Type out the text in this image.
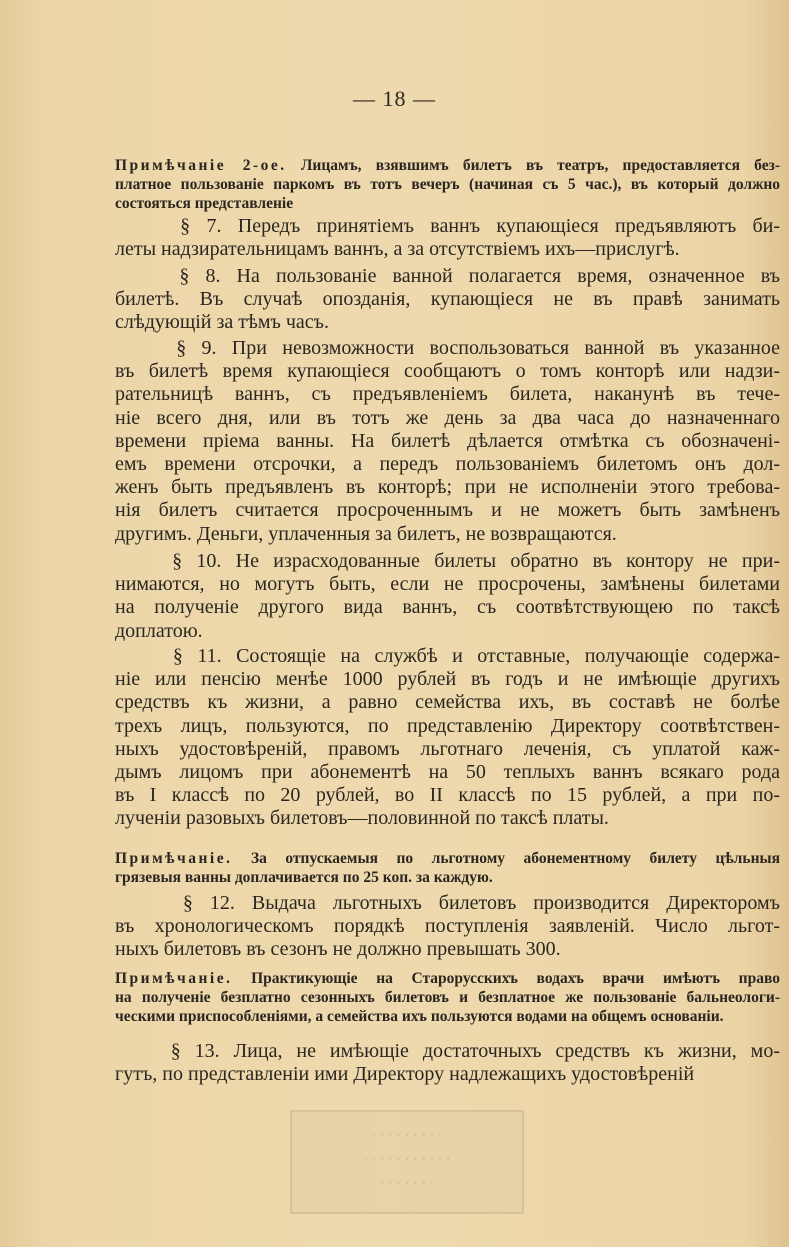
— 18 —
Примѣчаніе 2-ое. Лицамъ, взявшимъ билетъ въ театръ, предоставляется без-
платное пользованіе паркомъ въ тотъ вечеръ (начиная съ 5 час.), въ который должно
состояться представленіе
§ 7. Передъ принятіемъ ваннъ купающіеся предъявляютъ би-
леты надзирательницамъ ваннъ, а за отсутствіемъ ихъ—прислугѣ.
§ 8. На пользованіе ванной полагается время, означенное въ
билетѣ. Въ случаѣ опозданія, купающіеся не въ правѣ занимать
слѣдующій за тѣмъ часъ.
§ 9. При невозможности воспользоваться ванной въ указанное
въ билетѣ время купающіеся сообщаютъ о томъ конторѣ или надзи-
рательницѣ ваннъ, съ предъявленіемъ билета, наканунѣ въ тече-
ніе всего дня, или въ тотъ же день за два часа до назначеннаго
времени пріема ванны. На билетѣ дѣлается отмѣтка съ обозначені-
емъ времени отсрочки, а передъ пользованіемъ билетомъ онъ дол-
женъ быть предъявленъ въ конторѣ; при не исполненіи этого требова-
нія билетъ считается просроченнымъ и не можетъ быть замѣненъ
другимъ. Деньги, уплаченныя за билетъ, не возвращаются.
§ 10. Не израсходованные билеты обратно въ контору не при-
нимаются, но могутъ быть, если не просрочены, замѣнены билетами
на полученіе другого вида ваннъ, съ соотвѣтствующею по таксѣ
доплатою.
§ 11. Состоящіе на службѣ и отставные, получающіе содержа-
ніе или пенсію менѣе 1000 рублей въ годъ и не имѣющіе другихъ
средствъ къ жизни, а равно семейства ихъ, въ составѣ не болѣе
трехъ лицъ, пользуются, по представленію Директору соотвѣтствен-
ныхъ удостовѣреній, правомъ льготнаго леченія, съ уплатой каж-
дымъ лицомъ при абонементѣ на 50 теплыхъ ваннъ всякаго рода
въ I классѣ по 20 рублей, во II классѣ по 15 рублей, а при по-
лученіи разовыхъ билетовъ—половинной по таксѣ платы.
Примѣчаніе. За отпускаемыя по льготному абонементному билету цѣльныя
грязевыя ванны доплачивается по 25 коп. за каждую.
§ 12. Выдача льготныхъ билетовъ производится Директоромъ
въ хронологическомъ порядкѣ поступленія заявленій. Число льгот-
ныхъ билетовъ въ сезонъ не должно превышать 300.
Примѣчаніе. Практикующіе на Старорусскихъ водахъ врачи имѣютъ право
на полученіе безплатно сезонныхъ билетовъ и безплатное же пользованіе бальнеологи-
ческими приспособленіями, а семейства ихъ пользуются водами на общемъ основаніи.
§ 13. Лица, не имѣющіе достаточныхъ средствъ къ жизни, мо-
гутъ, по представленіи ими Директору надлежащихъ удостовѣреній
· · · · · · · · ·
· · · · · · · · · · ·
· · · · · · ·
